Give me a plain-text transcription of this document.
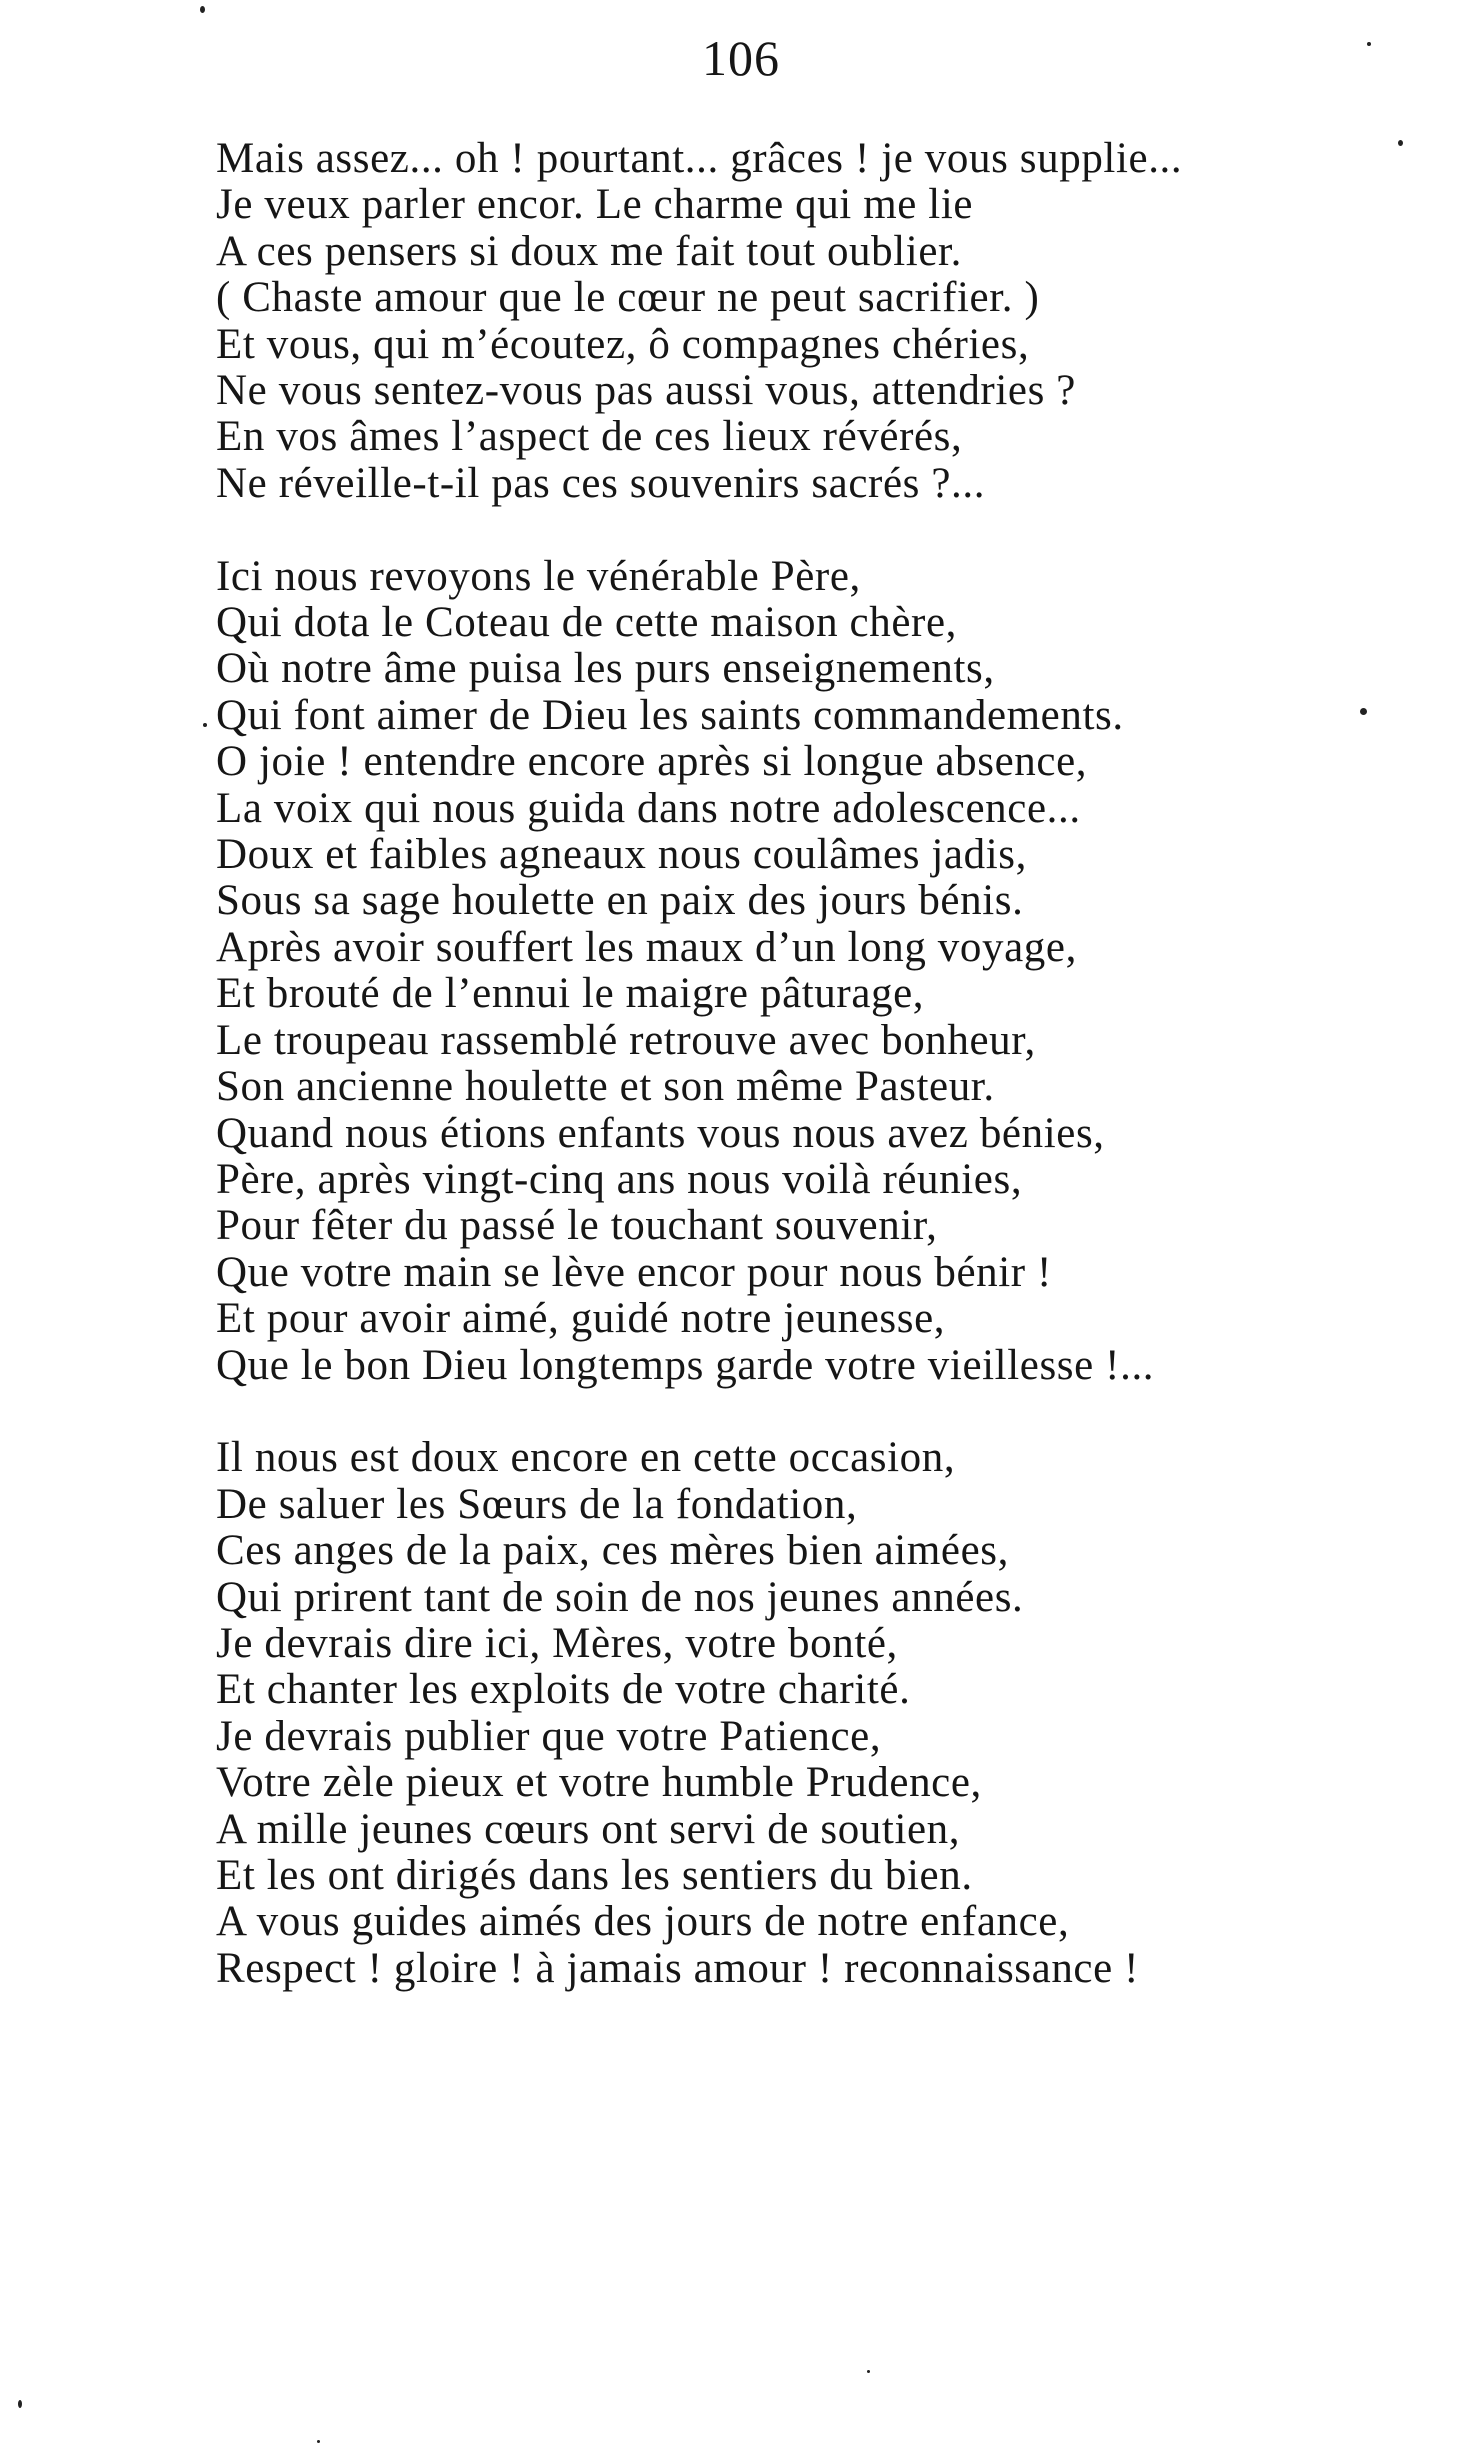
106
Mais assez... oh ! pourtant... grâces ! je vous supplie...
Je veux parler encor. Le charme qui me lie
A ces pensers si doux me fait tout oublier.
( Chaste amour que le cœur ne peut sacrifier. )
Et vous, qui m’écoutez, ô compagnes chéries,
Ne vous sentez-vous pas aussi vous, attendries ?
En vos âmes l’aspect de ces lieux révérés,
Ne réveille-t-il pas ces souvenirs sacrés ?...
Ici nous revoyons le vénérable Père,
Qui dota le Coteau de cette maison chère,
Où notre âme puisa les purs enseignements,
Qui font aimer de Dieu les saints commandements.
O joie ! entendre encore après si longue absence,
La voix qui nous guida dans notre adolescence...
Doux et faibles agneaux nous coulâmes jadis,
Sous sa sage houlette en paix des jours bénis.
Après avoir souffert les maux d’un long voyage,
Et brouté de l’ennui le maigre pâturage,
Le troupeau rassemblé retrouve avec bonheur,
Son ancienne houlette et son même Pasteur.
Quand nous étions enfants vous nous avez bénies,
Père, après vingt-cinq ans nous voilà réunies,
Pour fêter du passé le touchant souvenir,
Que votre main se lève encor pour nous bénir !
Et pour avoir aimé, guidé notre jeunesse,
Que le bon Dieu longtemps garde votre vieillesse !...
Il nous est doux encore en cette occasion,
De saluer les Sœurs de la fondation,
Ces anges de la paix, ces mères bien aimées,
Qui prirent tant de soin de nos jeunes années.
Je devrais dire ici, Mères, votre bonté,
Et chanter les exploits de votre charité.
Je devrais publier que votre Patience,
Votre zèle pieux et votre humble Prudence,
A mille jeunes cœurs ont servi de soutien,
Et les ont dirigés dans les sentiers du bien.
A vous guides aimés des jours de notre enfance,
Respect ! gloire ! à jamais amour ! reconnaissance !
